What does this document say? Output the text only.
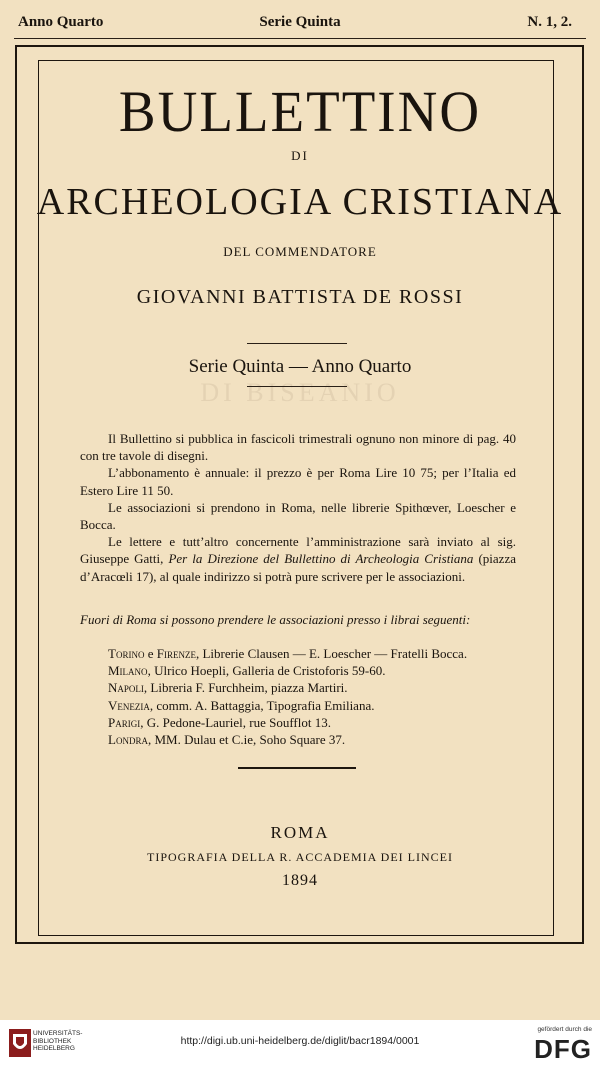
Anno Quarto	Serie Quinta	N. 1, 2.
BULLETTINO
DI
ARCHEOLOGIA CRISTIANA
DEL COMMENDATORE
GIOVANNI BATTISTA DE ROSSI
Serie Quinta — Anno Quarto
DI BISEANIO

Il Bullettino si pubblica in fascicoli trimestrali ognuno non minore di pag. 40 con tre tavole di disegni.

L’abbonamento è annuale: il prezzo è per Roma Lire 10 75; per l’Italia ed Estero Lire 11 50.

Le associazioni si prendono in Roma, nelle librerie Spithœver, Loescher e Bocca.

Le lettere e tutt’altro concernente l’amministrazione sarà inviato al sig. Giuseppe Gatti, Per la Direzione del Bullettino di Archeologia Cristiana (piazza d’Aracœli 17), al quale indirizzo si potrà pure scrivere per le associazioni.

Fuori di Roma si possono prendere le associazioni presso i librai seguenti:
Torino e Firenze, Librerie Clausen — E. Loescher — Fratelli Bocca.
Milano, Ulrico Hoepli, Galleria de Cristoforis 59-60.
Napoli, Libreria F. Furchheim, piazza Martiri.
Venezia, comm. A. Battaggia, Tipografia Emiliana.
Parigi, G. Pedone-Lauriel, rue Soufflot 13.
Londra, MM. Dulau et C.ie, Soho Square 37.
ROMA
TIPOGRAFIA DELLA R. ACCADEMIA DEI LINCEI
1894
UNIVERSITÄTS-
BIBLIOTHEK
HEIDELBERG
http://digi.ub.uni-heidelberg.de/diglit/bacr1894/0001
gefördert durch die
DFG
